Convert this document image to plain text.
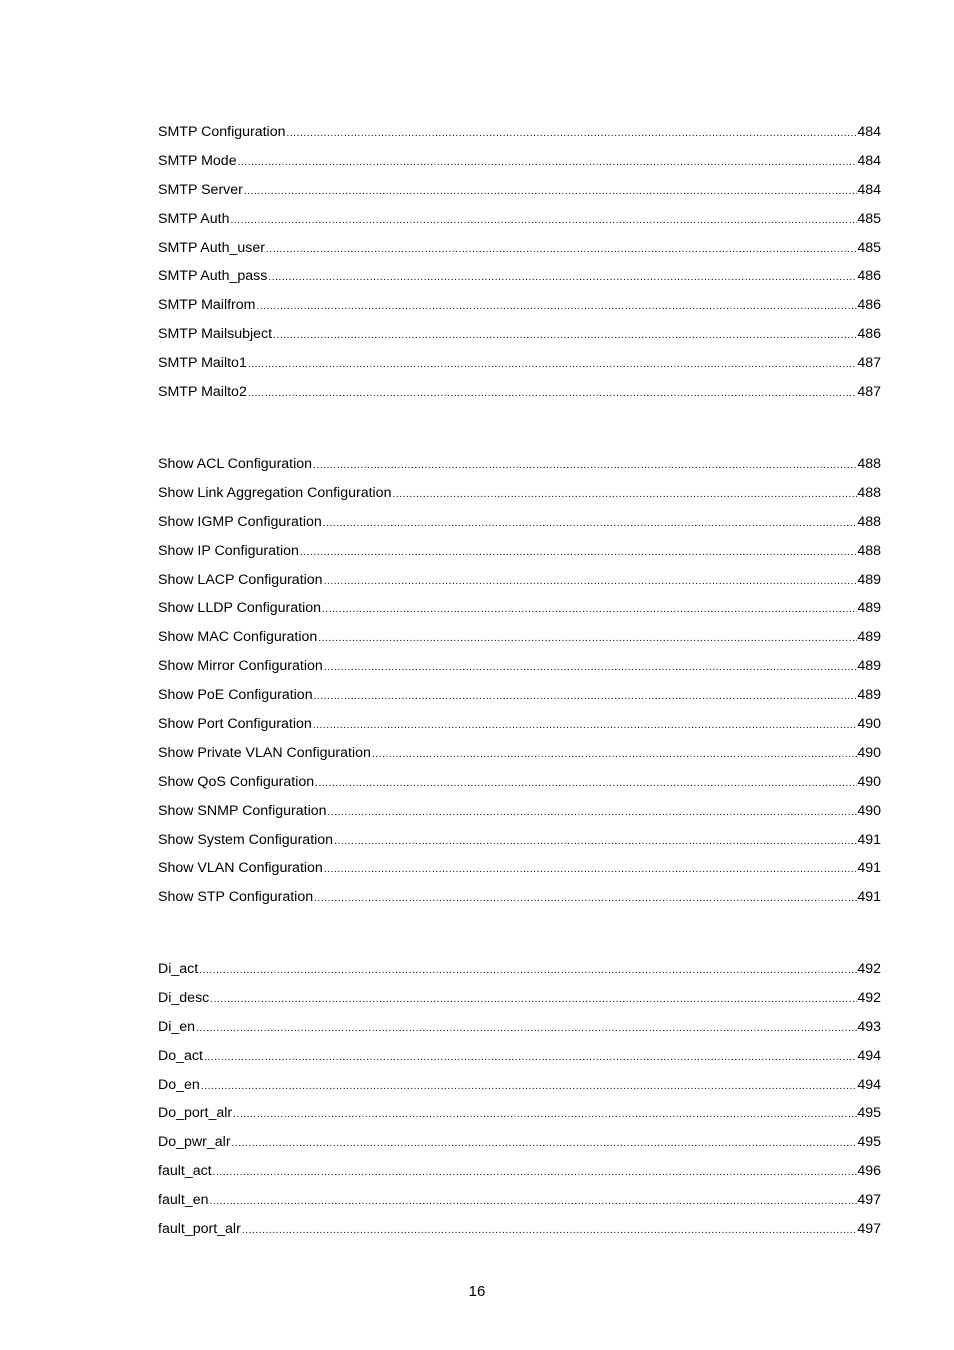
SMTP Configuration .....	484
SMTP Mode .....	484
SMTP Server .....	484
SMTP Auth .....	485
SMTP Auth_user .....	485
SMTP Auth_pass .....	486
SMTP Mailfrom .....	486
SMTP Mailsubject .....	486
SMTP Mailto1 .....	487
SMTP Mailto2 .....	487
Show ACL Configuration .....	488
Show Link Aggregation Configuration .....	488
Show IGMP Configuration .....	488
Show IP Configuration .....	488
Show LACP Configuration .....	489
Show LLDP Configuration .....	489
Show MAC Configuration .....	489
Show Mirror Configuration .....	489
Show PoE Configuration .....	489
Show Port Configuration .....	490
Show Private VLAN Configuration .....	490
Show QoS Configuration .....	490
Show SNMP Configuration .....	490
Show System Configuration .....	491
Show VLAN Configuration .....	491
Show STP Configuration .....	491
Di_act .....	492
Di_desc .....	492
Di_en .....	493
Do_act .....	494
Do_en .....	494
Do_port_alr .....	495
Do_pwr_alr .....	495
fault_act .....	496
fault_en .....	497
fault_port_alr .....	497
16
